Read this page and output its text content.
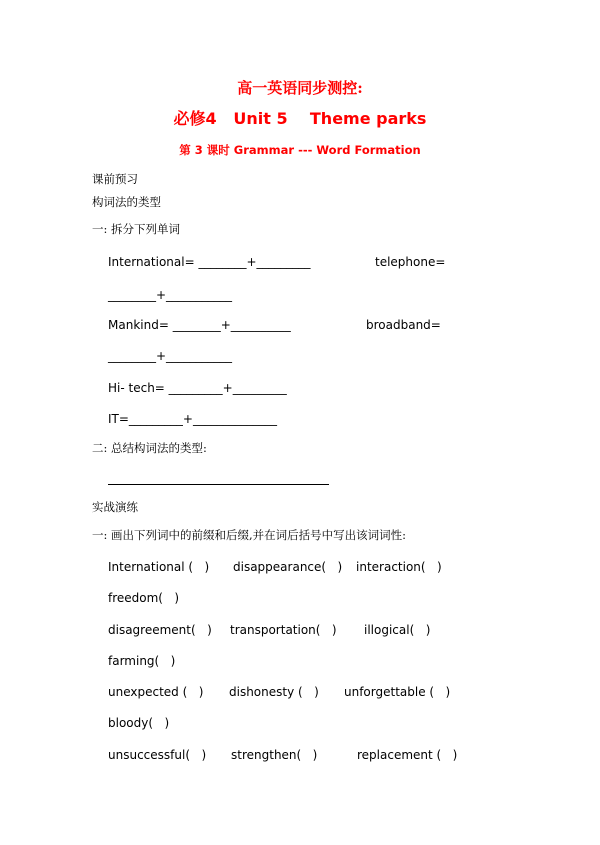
高一英语同步测控:
必修4   Unit 5    Theme parks
第 3 课时 Grammar --- Word Formation
课前预习
构词法的类型
一: 拆分下列单词
International= ________+_________	telephone=
________+___________
Mankind= ________+__________	broadband=
________+___________
Hi- tech= _________+_________
IT=_________+______________
二: 总结构词法的类型:
实战演练
一: 画出下列词中的前缀和后缀,并在词后括号中写出该词词性:
International (   ) disappearance(   ) interaction(   )
freedom(   )
disagreement(   ) transportation(   ) illogical(   )
farming(   )
unexpected (   ) dishonesty (   ) unforgettable (   )
bloody(   )
unsuccessful(   ) strengthen(   )	replacement (   )
